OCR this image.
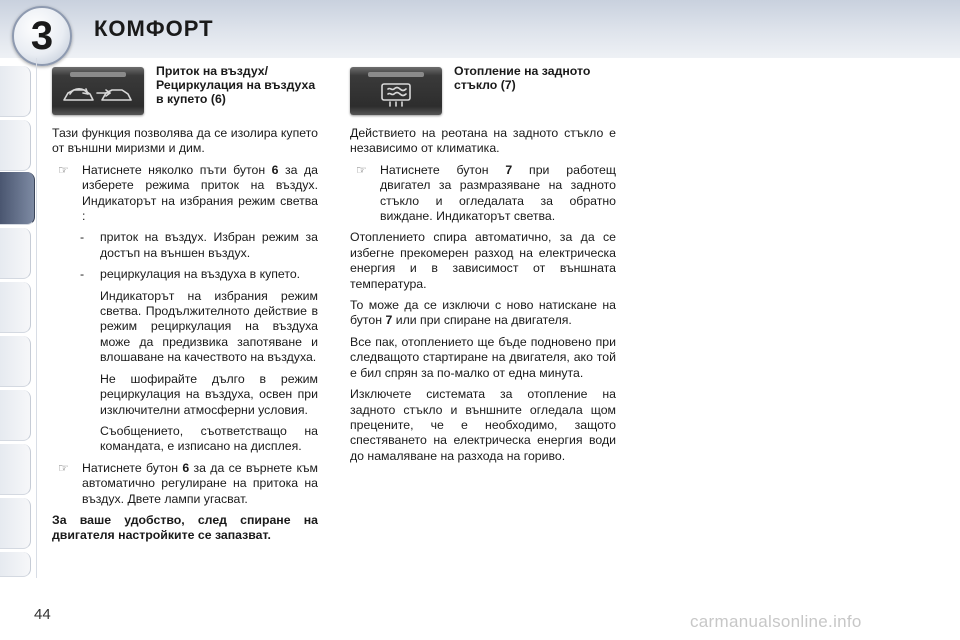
3 КОМФОРТ
Приток на въздух/ Рециркулация на въздуха в купето (6)

Тази функция позволява да се изолира купето от външни миризми и дим.

☞ Натиснете няколко пъти бутон 6 за да изберете режима приток на въздух. Индикаторът на избрания режим светва :
- приток на въздух. Избран режим за достъп на външен въздух.
- рециркулация на въздуха в купето.

Индикаторът на избрания режим светва. Продължителното действие в режим рециркулация на въздуха може да предизвика запотяване и влошаване на качеството на въздуха.

Не шофирайте дълго в режим рециркулация на въздуха, освен при изключителни атмосферни условия.

Съобщението, съответстващо на командата, е изписано на дисплея.

☞ Натиснете бутон 6 за да се върнете към автоматично регулиране на притока на въздух. Двете лампи угасват.

За ваше удобство, след спиране на двигателя настройките се запазват.

Отопление на задното стъкло (7)

Действието на реотана на задното стъкло е независимо от климатика.

☞ Натиснете бутон 7 при работещ двигател за размразяване на задното стъкло и огледалата за обратно виждане. Индикаторът светва.

Отоплението спира автоматично, за да се избегне прекомерен разход на електрическа енергия и в зависимост от външната температура.

То може да се изключи с ново натискане на бутон 7 или при спиране на двигателя.

Все пак, отоплението ще бъде подновено при следващото стартиране на двигателя, ако той е бил спрян за по-малко от една минута.

Изключете системата за отопление на задното стъкло и външните огледала щом прецените, че е необходимо, защото спестяването на електрическа енергия води до намаляване на разхода на гориво.

44	carmanualsonline.info
